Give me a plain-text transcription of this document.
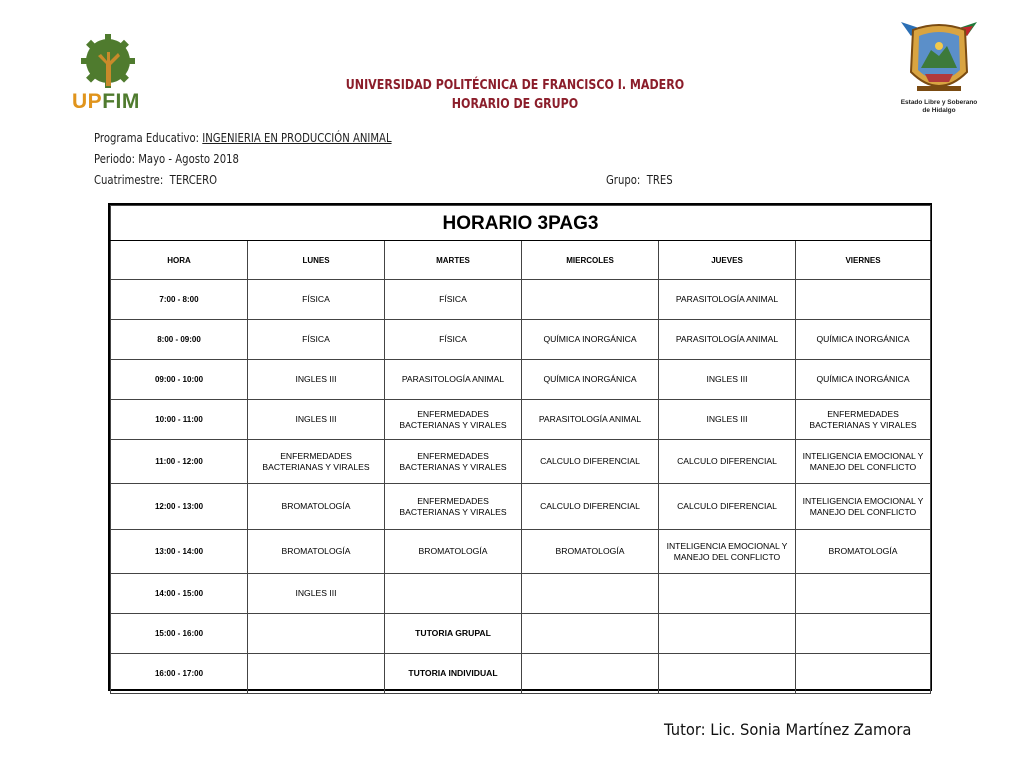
UPFIM	Estado Libre y Soberano
de Hidalgo
UNIVERSIDAD POLITÉCNICA DE FRANCISCO I. MADERO
HORARIO DE GRUPO
Programa Educativo: INGENIERIA EN PRODUCCIÓN ANIMAL
Periodo: Mayo - Agosto 2018
Cuatrimestre: TERCERO	Grupo: TRES
HORARIO 3PAG3					
HORA	LUNES	MARTES	MIERCOLES	JUEVES	VIERNES
7:00 - 8:00	FÍSICA	FÍSICA		PARASITOLOGÍA ANIMAL	
8:00 - 09:00	FÍSICA	FÍSICA	QUÍMICA INORGÁNICA	PARASITOLOGÍA ANIMAL	QUÍMICA INORGÁNICA
09:00 - 10:00	INGLES III	PARASITOLOGÍA ANIMAL	QUÍMICA INORGÁNICA	INGLES III	QUÍMICA INORGÁNICA
10:00 - 11:00	INGLES III	ENFERMEDADES BACTERIANAS Y VIRALES	PARASITOLOGÍA ANIMAL	INGLES III	ENFERMEDADES BACTERIANAS Y VIRALES
11:00 - 12:00	ENFERMEDADES BACTERIANAS Y VIRALES	ENFERMEDADES BACTERIANAS Y VIRALES	CALCULO DIFERENCIAL	CALCULO DIFERENCIAL	INTELIGENCIA EMOCIONAL Y MANEJO DEL CONFLICTO
12:00 - 13:00	BROMATOLOGÍA	ENFERMEDADES BACTERIANAS Y VIRALES	CALCULO DIFERENCIAL	CALCULO DIFERENCIAL	INTELIGENCIA EMOCIONAL Y MANEJO DEL CONFLICTO
13:00 - 14:00	BROMATOLOGÍA	BROMATOLOGÍA	BROMATOLOGÍA	INTELIGENCIA EMOCIONAL Y MANEJO DEL CONFLICTO	BROMATOLOGÍA
14:00 - 15:00	INGLES III				
15:00 - 16:00		TUTORIA GRUPAL			
16:00 - 17:00		TUTORIA INDIVIDUAL			
Tutor: Lic. Sonia Martínez Zamora
